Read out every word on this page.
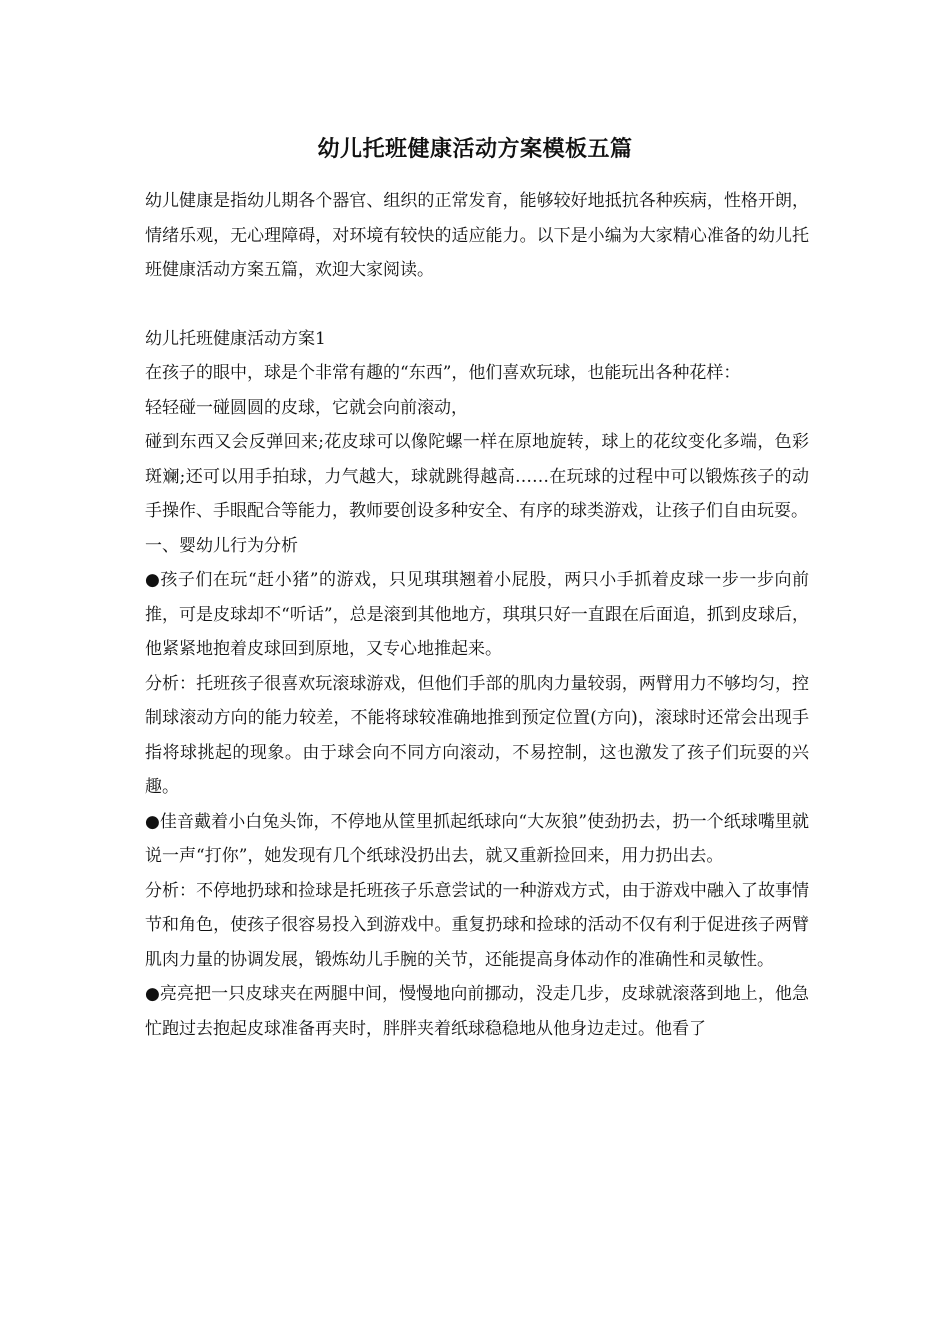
幼儿托班健康活动方案模板五篇

幼儿健康是指幼儿期各个器官、组织的正常发育，能够较好地抵抗各种疾病，性格开朗，情绪乐观，无心理障碍，对环境有较快的适应能力。以下是小编为大家精心准备的幼儿托班健康活动方案五篇，欢迎大家阅读。

幼儿托班健康活动方案1

在孩子的眼中，球是个非常有趣的“东西”，他们喜欢玩球，也能玩出各种花样：

轻轻碰一碰圆圆的皮球，它就会向前滚动，

碰到东西又会反弹回来;花皮球可以像陀螺一样在原地旋转，球上的花纹变化多端，色彩斑斓;还可以用手拍球，力气越大，球就跳得越高……在玩球的过程中可以锻炼孩子的动手操作、手眼配合等能力，教师要创设多种安全、有序的球类游戏，让孩子们自由玩耍。

一、婴幼儿行为分析

●孩子们在玩“赶小猪”的游戏，只见琪琪翘着小屁股，两只小手抓着皮球一步一步向前推，可是皮球却不“听话”，总是滚到其他地方，琪琪只好一直跟在后面追，抓到皮球后，他紧紧地抱着皮球回到原地，又专心地推起来。

分析：托班孩子很喜欢玩滚球游戏，但他们手部的肌肉力量较弱，两臂用力不够均匀，控制球滚动方向的能力较差，不能将球较准确地推到预定位置(方向)，滚球时还常会出现手指将球挑起的现象。由于球会向不同方向滚动，不易控制，这也激发了孩子们玩耍的兴趣。

●佳音戴着小白兔头饰，不停地从筐里抓起纸球向“大灰狼”使劲扔去，扔一个纸球嘴里就说一声“打你”，她发现有几个纸球没扔出去，就又重新捡回来，用力扔出去。

分析：不停地扔球和捡球是托班孩子乐意尝试的一种游戏方式，由于游戏中融入了故事情节和角色，使孩子很容易投入到游戏中。重复扔球和捡球的活动不仅有利于促进孩子两臂肌肉力量的协调发展，锻炼幼儿手腕的关节，还能提高身体动作的准确性和灵敏性。

●亮亮把一只皮球夹在两腿中间，慢慢地向前挪动，没走几步，皮球就滚落到地上，他急忙跑过去抱起皮球准备再夹时，胖胖夹着纸球稳稳地从他身边走过。他看了
